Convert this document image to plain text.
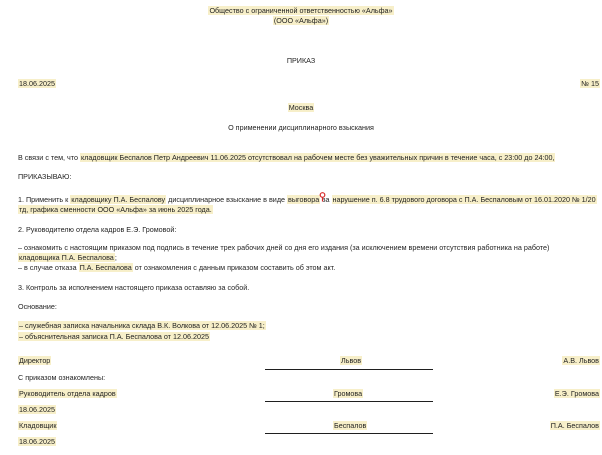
Общество с ограниченной ответственностью «Альфа»
(ООО «Альфа»)
ПРИКАЗ
18.06.2025	№ 15
Москва
О применении дисциплинарного взыскания
В связи с тем, что кладовщик Беспалов Петр Андреевич 11.06.2025 отсутствовал на рабочем месте без уважительных причин в течение часа, с 23:00 до 24:00,
ПРИКАЗЫВАЮ:
1. Применить к кладовщику П.А. Беспалову дисциплинарное взыскание в виде выговора за нарушение п. 6.8 трудового договора с П.А. Беспаловым от 16.01.2020 № 1/20
тд, графика сменности ООО «Альфа» за июнь 2025 года.
2. Руководителю отдела кадров Е.Э. Громовой:
– ознакомить с настоящим приказом под подпись в течение трех рабочих дней со дня его издания (за исключением времени отсутствия работника на работе)
кладовщика П.А. Беспалова;
– в случае отказа П.А. Беспалова от ознакомления с данным приказом составить об этом акт.
3. Контроль за исполнением настоящего приказа оставляю за собой.
Основание:
– служебная записка начальника склада В.К. Волкова от 12.06.2025 № 1;
– объяснительная записка П.А. Беспалова от 12.06.2025
Директор	Львов	А.В. Львов
С приказом ознакомлены:
Руководитель отдела кадров	Громова	Е.Э. Громова
18.06.2025
Кладовщик	Беспалов	П.А. Беспалов
18.06.2025
